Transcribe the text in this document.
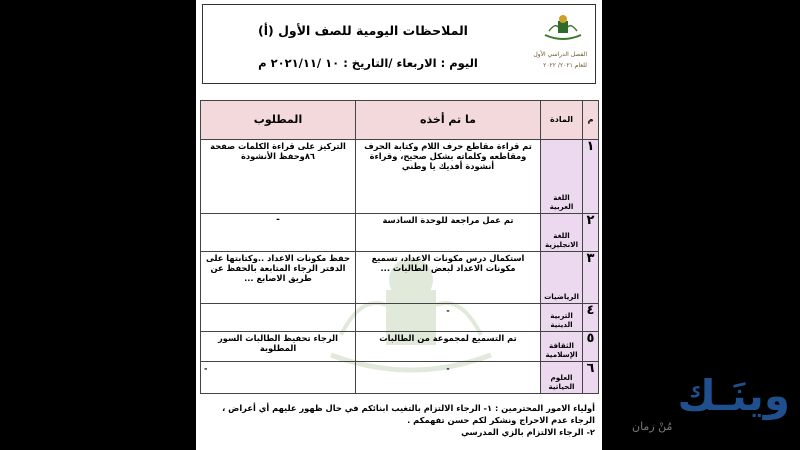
الفصل الدراسي الأول
للعام ٢٠٢١/ ٢٠٢٢
الملاحظات اليومية للصف الأول (أ)
اليوم : الاربعاء /التاريخ : ١٠ /٢٠٢١/١١ م
م	المادة	ما تم أخذه	المطلوب
١	اللغة العربية	تم قراءة مقاطع حرف اللام وكتابة الحرف ومقاطعه وكلماته بشكل صحيح، وقراءة أنشودة أفديك يا وطني	التركيز على قراءة الكلمات صفحة ٨٦وحفظ الأنشودة
٢	اللغة الانجليزية	تم عمل مراجعة للوحدة السادسة	-
٣	الرياضيات	استكمال درس مكونات الاعداد، تسميع مكونات الاعداد لبعض الطالبات ...	حفظ مكونات الاعداد ..وكتابتها على الدفتر الرجاء المتابعة بالحفظ عن طريق الاصابع ...
٤	التربية الدينية	-	
٥	الثقافة الإسلامية	تم التسميع لمجموعة من الطالبات	الرجاء تحفيظ الطالبات السور المطلوبة
٦	العلوم الحياتية	-	-
أولياء الامور المحترمين : ١- الرجاء الالتزام بالتغيب ابنائكم في حال ظهور عليهم أي أعراض ، الرجاء عدم الاحراج ونشكر لكم حسن تفهمكم .
٢- الرجاء الالتزام بالزي المدرسي
وينَـك
مُنْ زمان
